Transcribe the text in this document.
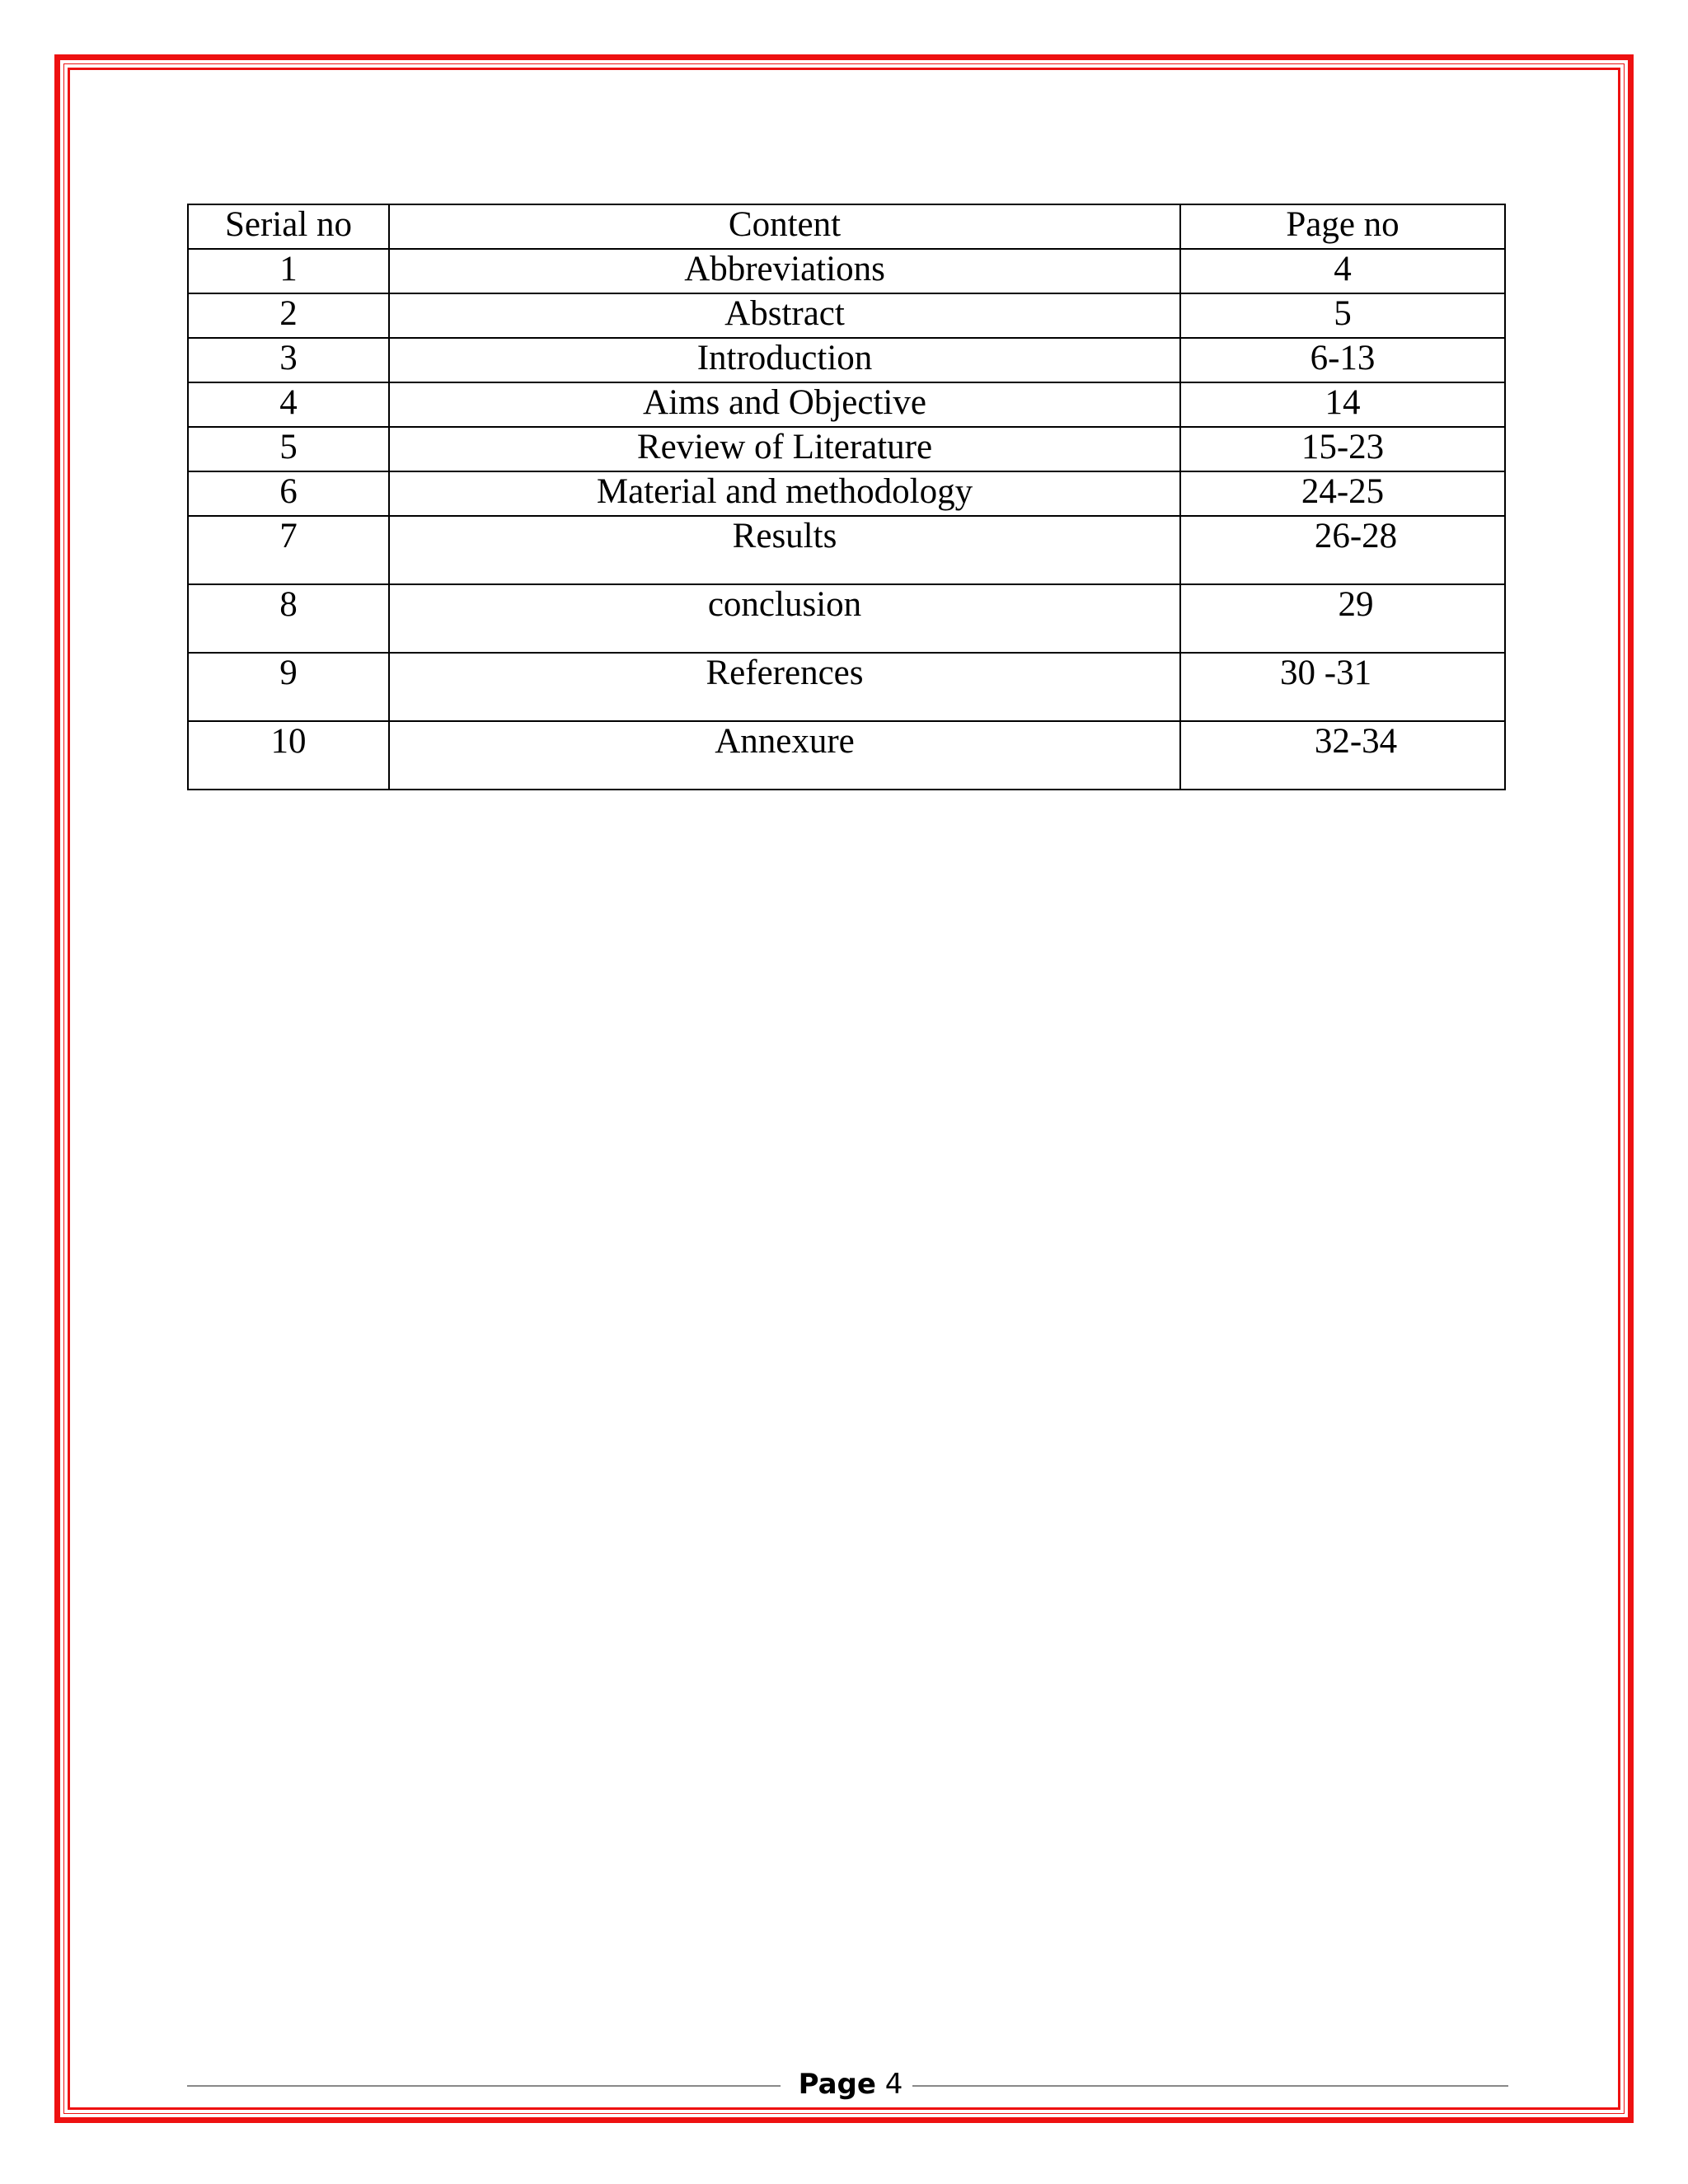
Serial no	Content	Page no
1	Abbreviations	4
2	Abstract	5
3	Introduction	6-13
4	Aims and Objective	14
5	Review of Literature	15-23
6	Material and methodology	24-25
7	Results	26-28
8	conclusion	29
9	References	30 -31
10	Annexure	32-34
Page 4
